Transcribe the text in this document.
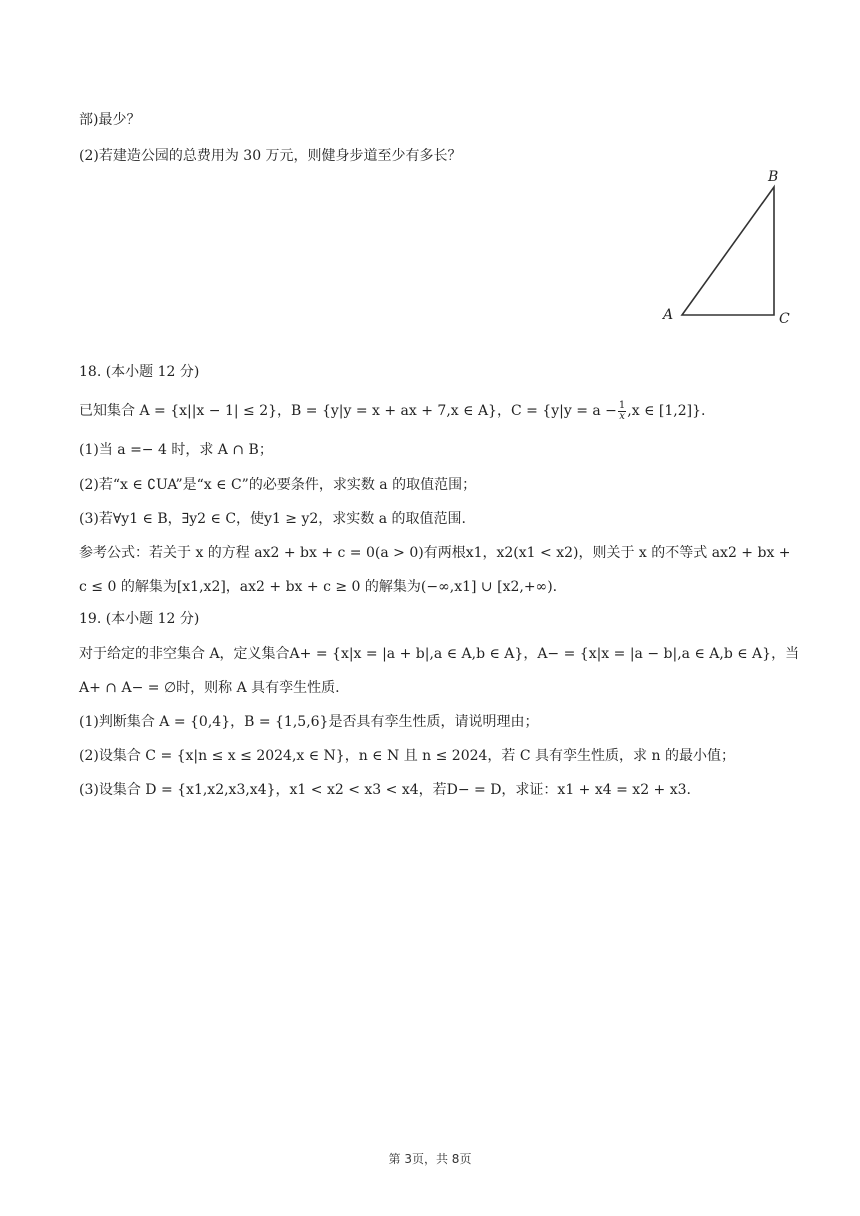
部)最少？
(2)若建造公园的总费用为 30 万元，则健身步道至少有多长？
A
B
C
18. (本小题 12 分)
已知集合 A = {x||x − 1| ≤ 2}，B = {y|y = x + ax + 7,x ∈ A}，$C = \{y|y = a - \frac{1}{x} ,x$ ∈ [1,2]}.
(1)当 a =− 4 时，求 A ∩ B；
(2)若“x ∈ ∁UA”是“x ∈ C”的必要条件，求实数 a 的取值范围；
(3)若∀y1 ∈ B，∃y2 ∈ C，使y1 ≥ y2，求实数 a 的取值范围.
参考公式：若关于 x 的方程 ax2 + bx + c = 0(a > 0)有两根x1，x2(x1 < x2)，则关于 x 的不等式 ax2 + bx +
c ≤ 0 的解集为[x1,x2]，ax2 + bx + c ≥ 0 的解集为(−∞,x1] ∪ [x2,+∞).
19. (本小题 12 分)
对于给定的非空集合 A，定义集合A+ = {x|x = |a + b|,a ∈ A,b ∈ A}，A− = {x|x = |a − b|,a ∈ A,b ∈ A}，当
A+ ∩ A− = ∅时，则称 A 具有孪生性质.
(1)判断集合 A = {0,4}，B = {1,5,6}是否具有孪生性质，请说明理由；
(2)设集合 C = {x|n ≤ x ≤ 2024,x ∈ N}，n ∈ N 且 n ≤ 2024，若 C 具有孪生性质，求 n 的最小值；
(3)设集合 D = {x1,x2,x3,x4}，x1 < x2 < x3 < x4，若D− = D，求证：x1 + x4 = x2 + x3.
第 3页，共 8页
